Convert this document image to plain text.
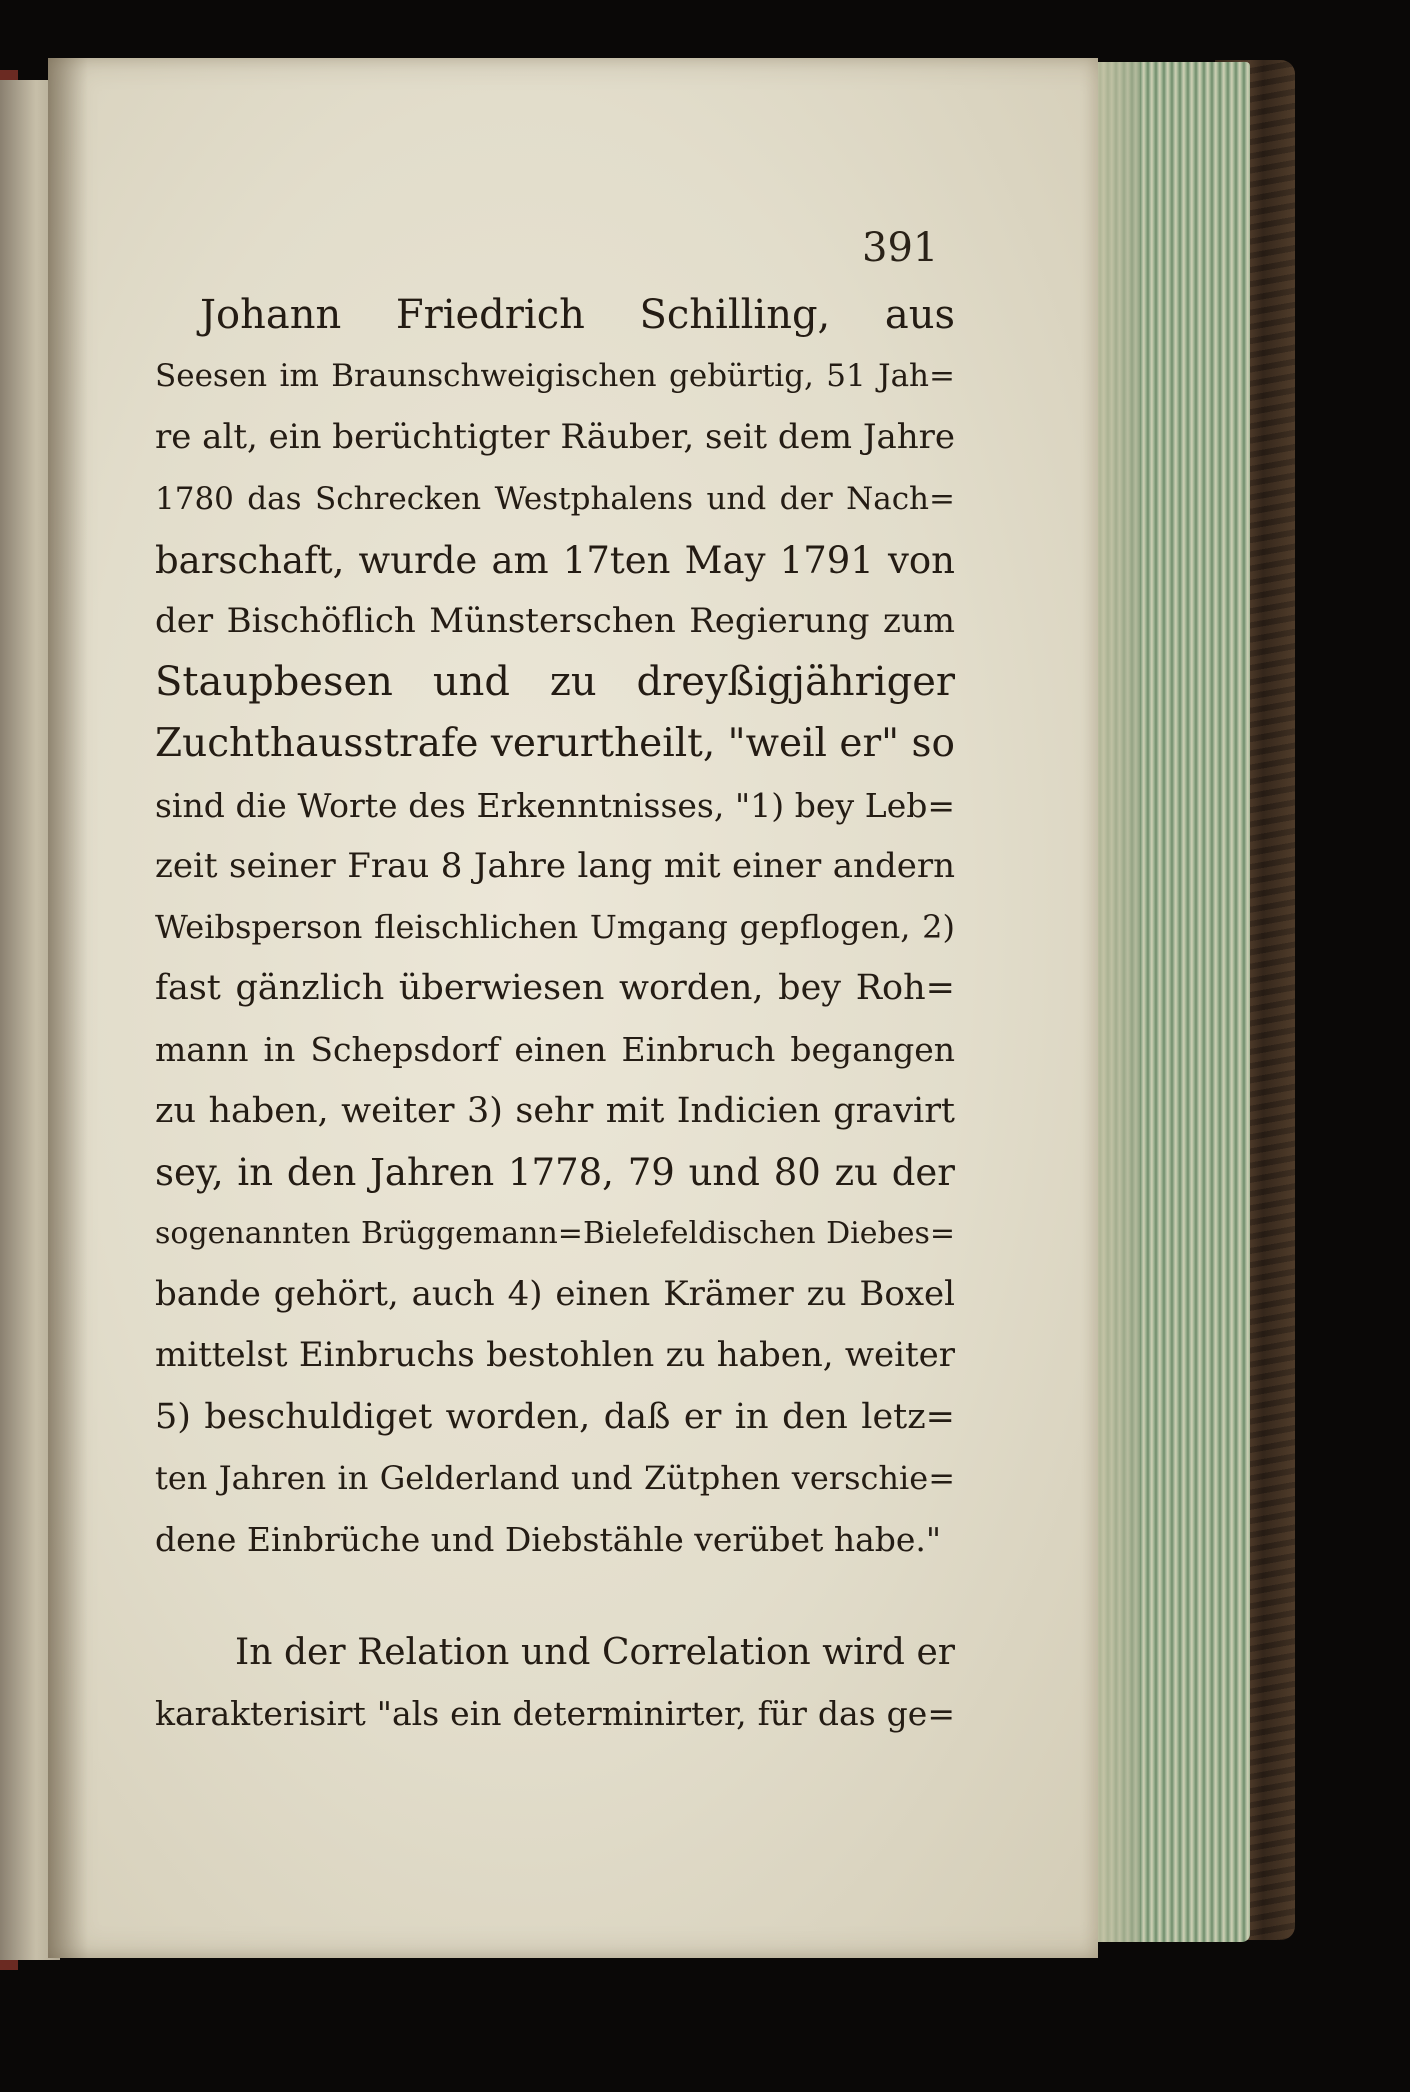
391
Johann Friedrich Schilling, aus
Seesen im Braunschweigischen gebürtig, 51 Jah=
re alt, ein berüchtigter Räuber, seit dem Jahre
1780 das Schrecken Westphalens und der Nach=
barschaft, wurde am 17ten May 1791 von
der Bischöflich Münsterschen Regierung zum
Staupbesen und zu dreyßigjähriger
Zuchthausstrafe verurtheilt, "weil er" so
sind die Worte des Erkenntnisses, "1) bey Leb=
zeit seiner Frau 8 Jahre lang mit einer andern
Weibsperson fleischlichen Umgang gepflogen, 2)
fast gänzlich überwiesen worden, bey Roh=
mann in Schepsdorf einen Einbruch begangen
zu haben, weiter 3) sehr mit Indicien gravirt
sey, in den Jahren 1778, 79 und 80 zu der
sogenannten Brüggemann=Bielefeldischen Diebes=
bande gehört, auch 4) einen Krämer zu Boxel
mittelst Einbruchs bestohlen zu haben, weiter
5) beschuldiget worden, daß er in den letz=
ten Jahren in Gelderland und Zütphen verschie=
dene Einbrüche und Diebstähle verübet habe."
In der Relation und Correlation wird er
karakterisirt "als ein determinirter, für das ge=
